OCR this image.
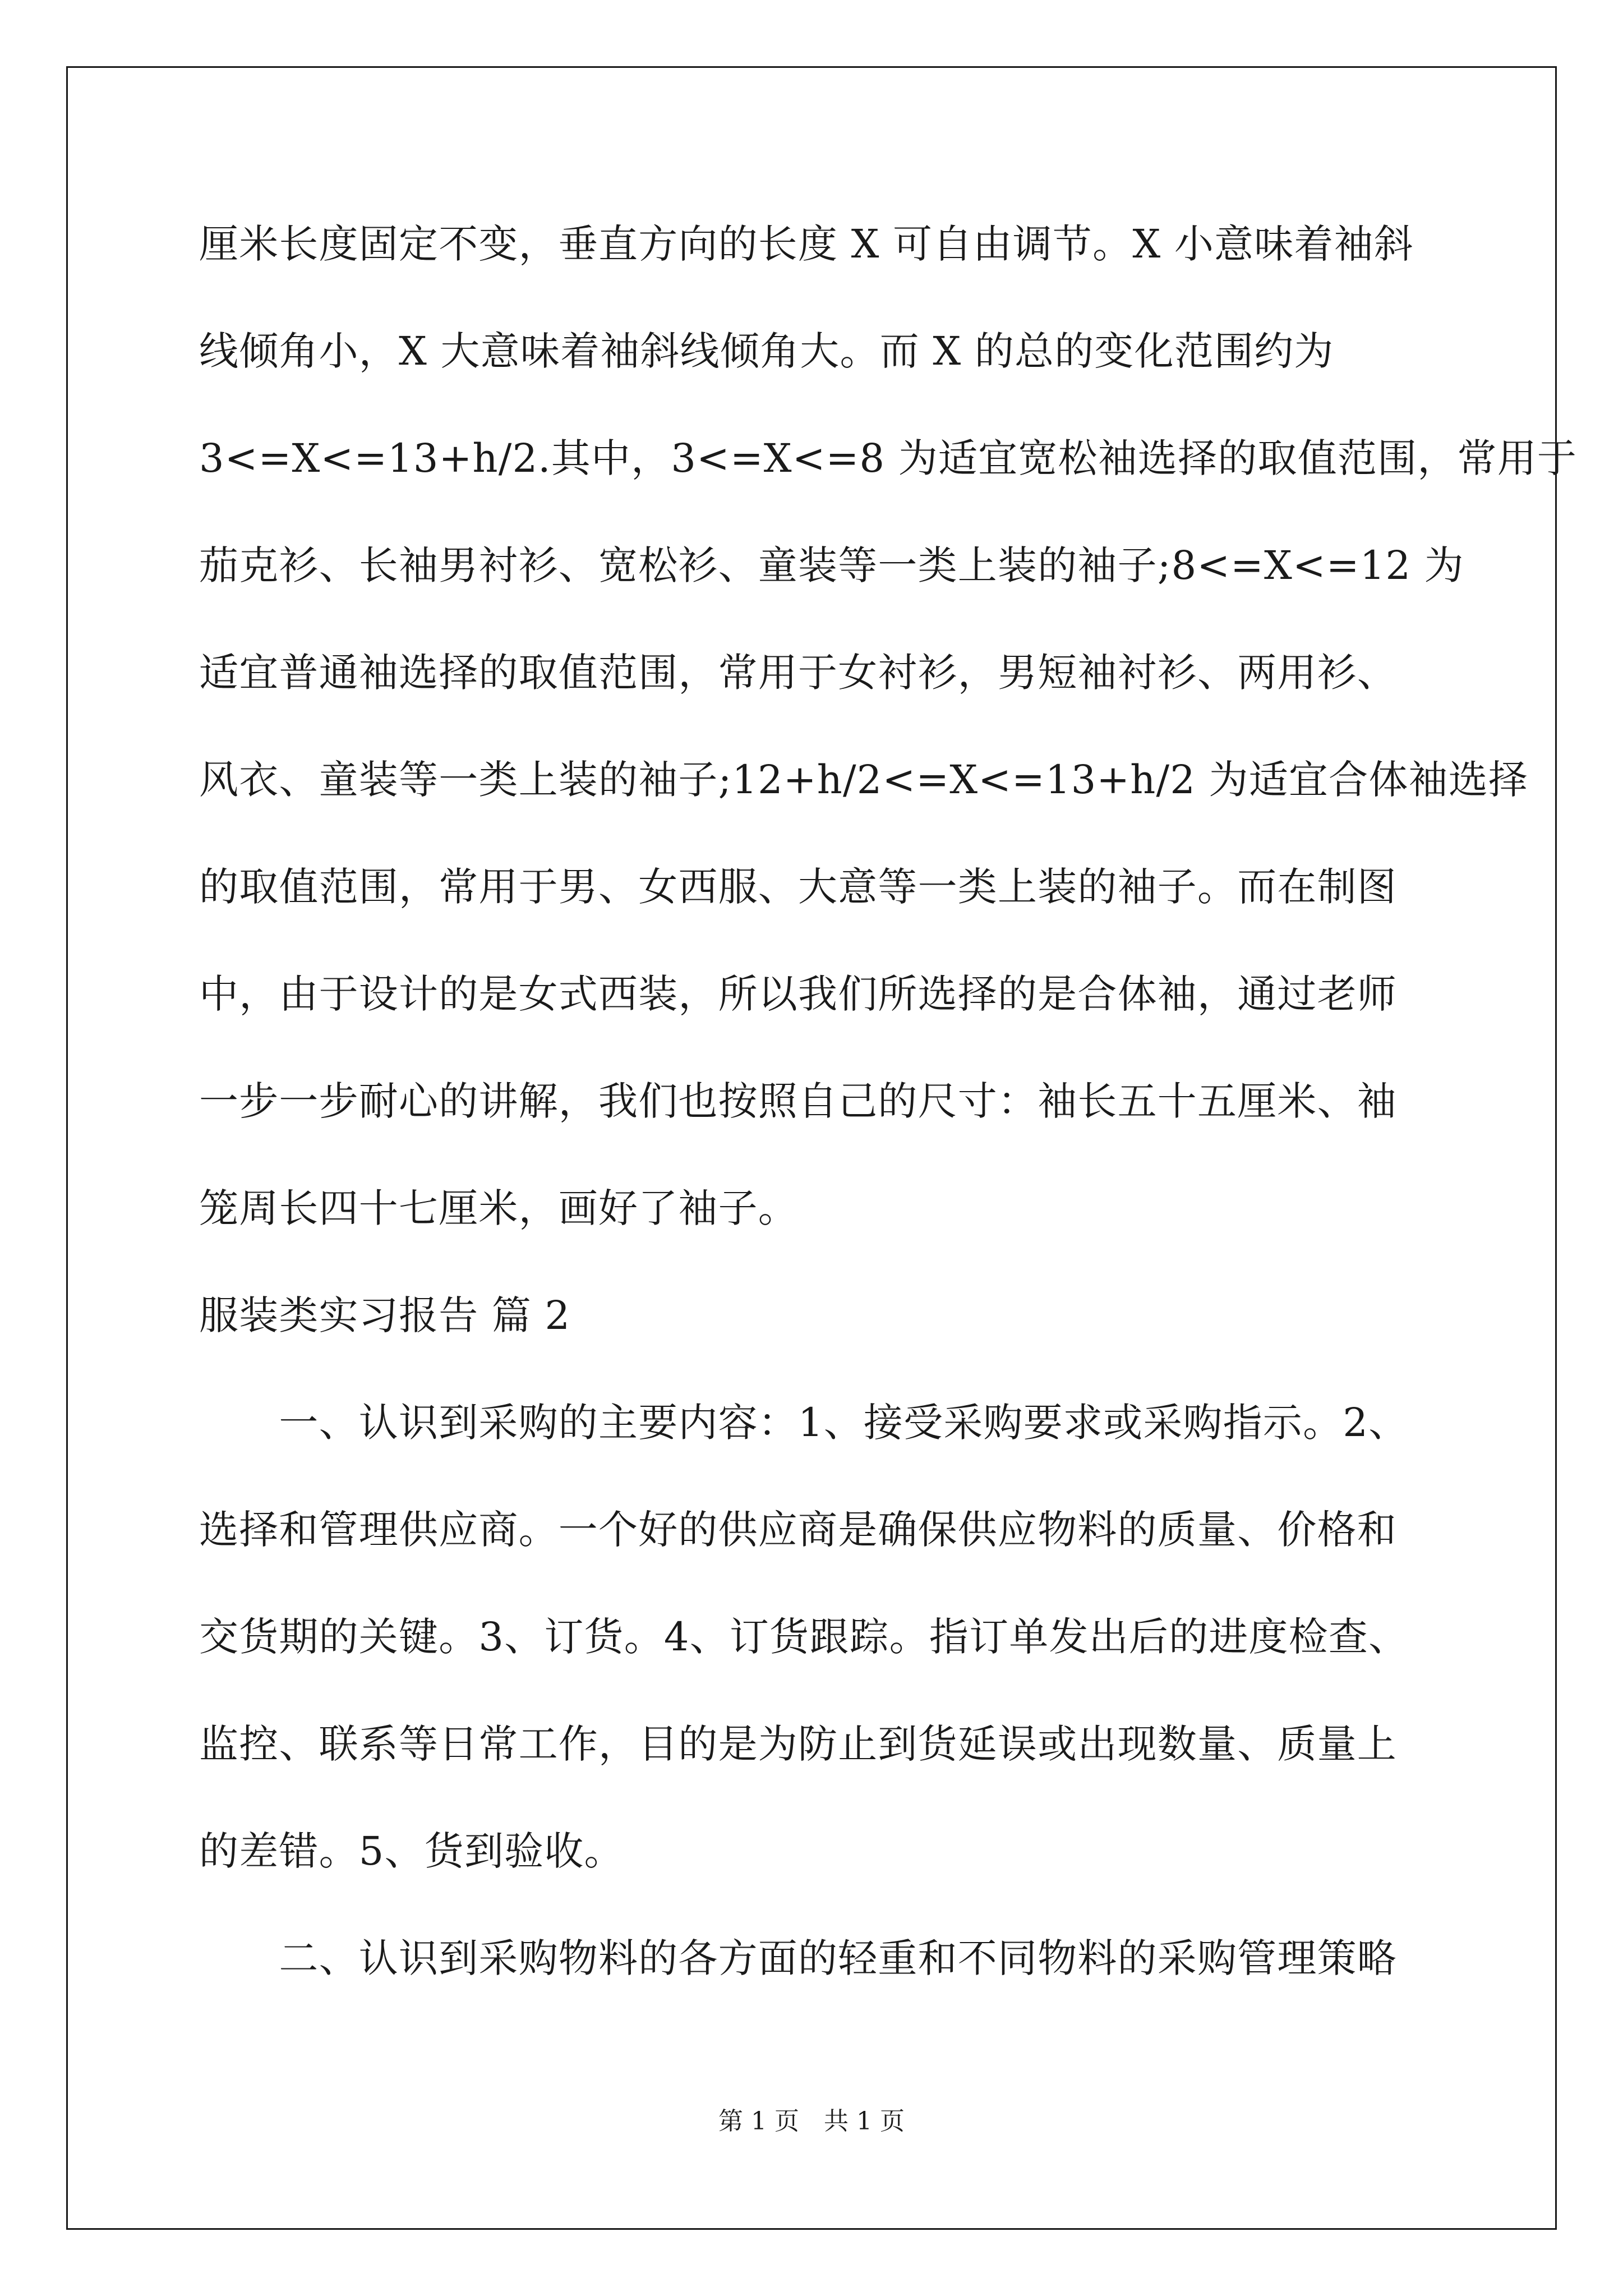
厘米长度固定不变，垂直方向的长度 X 可自由调节。X 小意味着袖斜
线倾角小，X 大意味着袖斜线倾角大。而 X 的总的变化范围约为
3<=X<=13+h/2.其中，3<=X<=8 为适宜宽松袖选择的取值范围，常用于
茄克衫、长袖男衬衫、宽松衫、童装等一类上装的袖子;8<=X<=12 为
适宜普通袖选择的取值范围，常用于女衬衫，男短袖衬衫、两用衫、
风衣、童装等一类上装的袖子;12+h/2<=X<=13+h/2 为适宜合体袖选择
的取值范围，常用于男、女西服、大意等一类上装的袖子。而在制图
中，由于设计的是女式西装，所以我们所选择的是合体袖，通过老师
一步一步耐心的讲解，我们也按照自己的尺寸：袖长五十五厘米、袖
笼周长四十七厘米，画好了袖子。
服装类实习报告 篇 2
　　一、认识到采购的主要内容：1、接受采购要求或采购指示。2、
选择和管理供应商。一个好的供应商是确保供应物料的质量、价格和
交货期的关键。3、订货。4、订货跟踪。指订单发出后的进度检查、
监控、联系等日常工作，目的是为防止到货延误或出现数量、质量上
的差错。5、货到验收。
　　二、认识到采购物料的各方面的轻重和不同物料的采购管理策略
第 1 页　共 1 页
